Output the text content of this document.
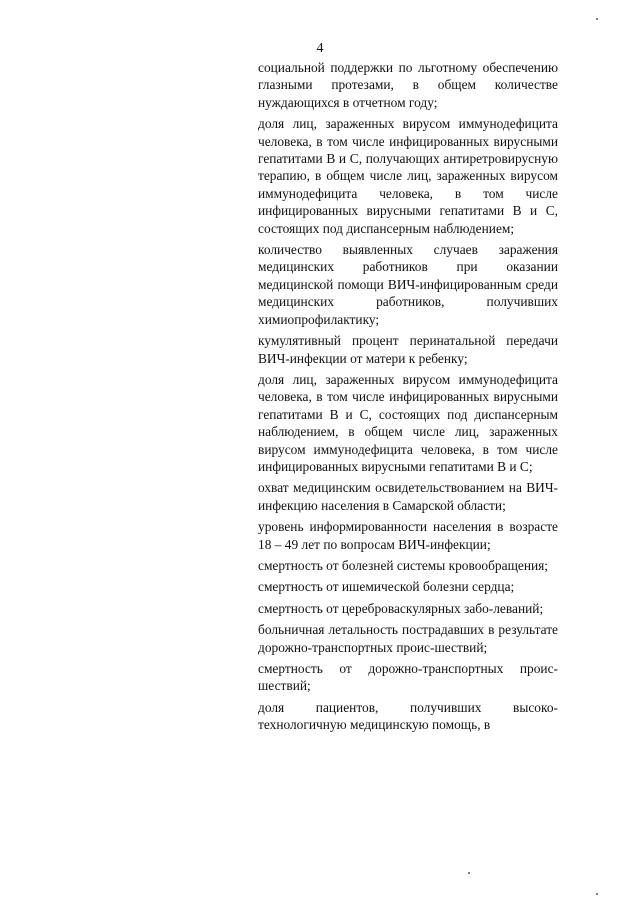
4

социальной поддержки по льготному обеспечению глазными протезами, в общем количестве нуждающихся в отчетном году;

доля лиц, зараженных вирусом иммунодефицита человека, в том числе инфицированных вирусными гепатитами В и С, получающих антиретровирусную терапию, в общем числе лиц, зараженных вирусом иммунодефицита человека, в том числе инфицированных вирусными гепатитами В и С, состоящих под диспансерным наблюдением;

количество выявленных случаев заражения медицинских работников при оказании медицинской помощи ВИЧ-инфицированным среди медицинских работников, получивших химиопрофилактику;

кумулятивный процент перинатальной передачи ВИЧ-инфекции от матери к ребенку;

доля лиц, зараженных вирусом иммунодефицита человека, в том числе инфицированных вирусными гепатитами В и С, состоящих под диспансерным наблюдением, в общем числе лиц, зараженных вирусом иммунодефицита человека, в том числе инфицированных вирусными гепатитами В и С;

охват медицинским освидетельствованием на ВИЧ-инфекцию населения в Самарской области;

уровень информированности населения в возрасте 18 – 49 лет по вопросам ВИЧ-инфекции;

смертность от болезней системы кровообращения;

смертность от ишемической болезни сердца;

смертность от цереброваскулярных забо-леваний;

больничная летальность пострадавших в результате дорожно-транспортных проис-шествий;

смертность от дорожно-транспортных проис-шествий;

доля пациентов, получивших высоко-технологичную медицинскую помощь, в
